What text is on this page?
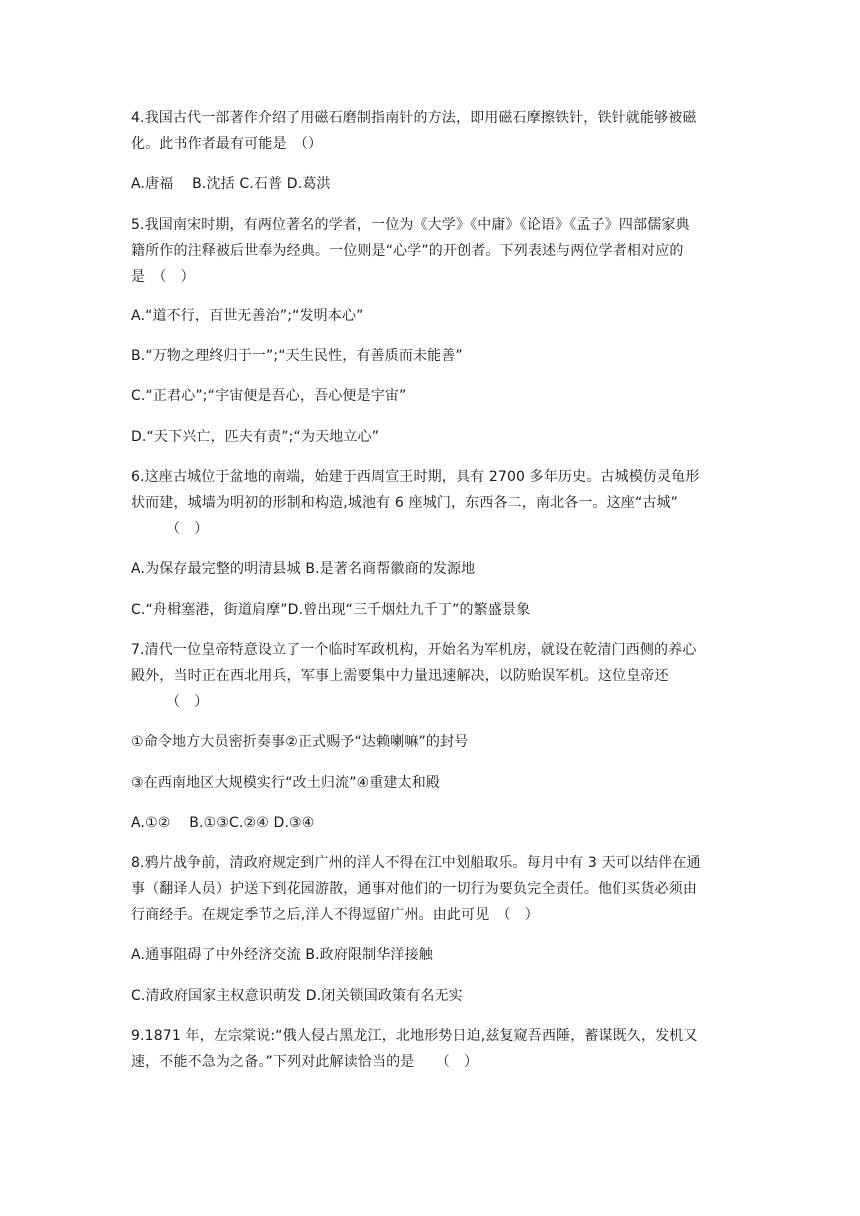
4.我国古代一部著作介绍了用磁石磨制指南针的方法，即用磁石摩擦铁针，铁针就能够被磁
化。此书作者最有可能是　（）
A.唐福　 B.沈括 C.石普 D.葛洪
5.我国南宋时期，有两位著名的学者，一位为《大学》《中庸》《论语》《孟子》四部儒家典
籍所作的注释被后世奉为经典。一位则是“心学”的开创者。下列表述与两位学者相对应的
是　（　）
A.“道不行，百世无善治”;“发明本心”
B.“万物之理终归于一”;“天生民性，有善质而未能善”
C.“正君心”;“宇宙便是吾心，吾心便是宇宙”
D.“天下兴亡，匹夫有责”;“为天地立心”
6.这座古城位于盆地的南端，始建于西周宣王时期，具有 2700 多年历史。古城模仿灵龟形
状而建，城墙为明初的形制和构造,城池有 6 座城门，东西各二，南北各一。这座“古城”
（　）
A.为保存最完整的明清县城 B.是著名商帮徽商的发源地
C.“舟楫塞港，街道肩摩”D.曾出现“三千烟灶九千丁”的繁盛景象
7.清代一位皇帝特意设立了一个临时军政机构，开始名为军机房，就设在乾清门西侧的养心
殿外，当时正在西北用兵，军事上需要集中力量迅速解决，以防贻误军机。这位皇帝还
（　）
①命令地方大员密折奏事②正式赐予“达赖喇嘛”的封号
③在西南地区大规模实行“改土归流”④重建太和殿
A.①②　 B.①③C.②④ D.③④
8.鸦片战争前，清政府规定到广州的洋人不得在江中划船取乐。每月中有 3 天可以结伴在通
事（翻译人员）护送下到花园游散，通事对他们的一切行为要负完全责任。他们买货必须由
行商经手。在规定季节之后,洋人不得逗留广州。由此可见　（　）
A.通事阻碍了中外经济交流 B.政府限制华洋接触
C.清政府国家主权意识萌发 D.闭关锁国政策有名无实
9.1871 年，左宗棠说:“俄人侵占黑龙江，北地形势日迫,兹复窥吾西陲，蓄谋既久，发机又
速，不能不急为之备。”下列对此解读恰当的是　　（　）
